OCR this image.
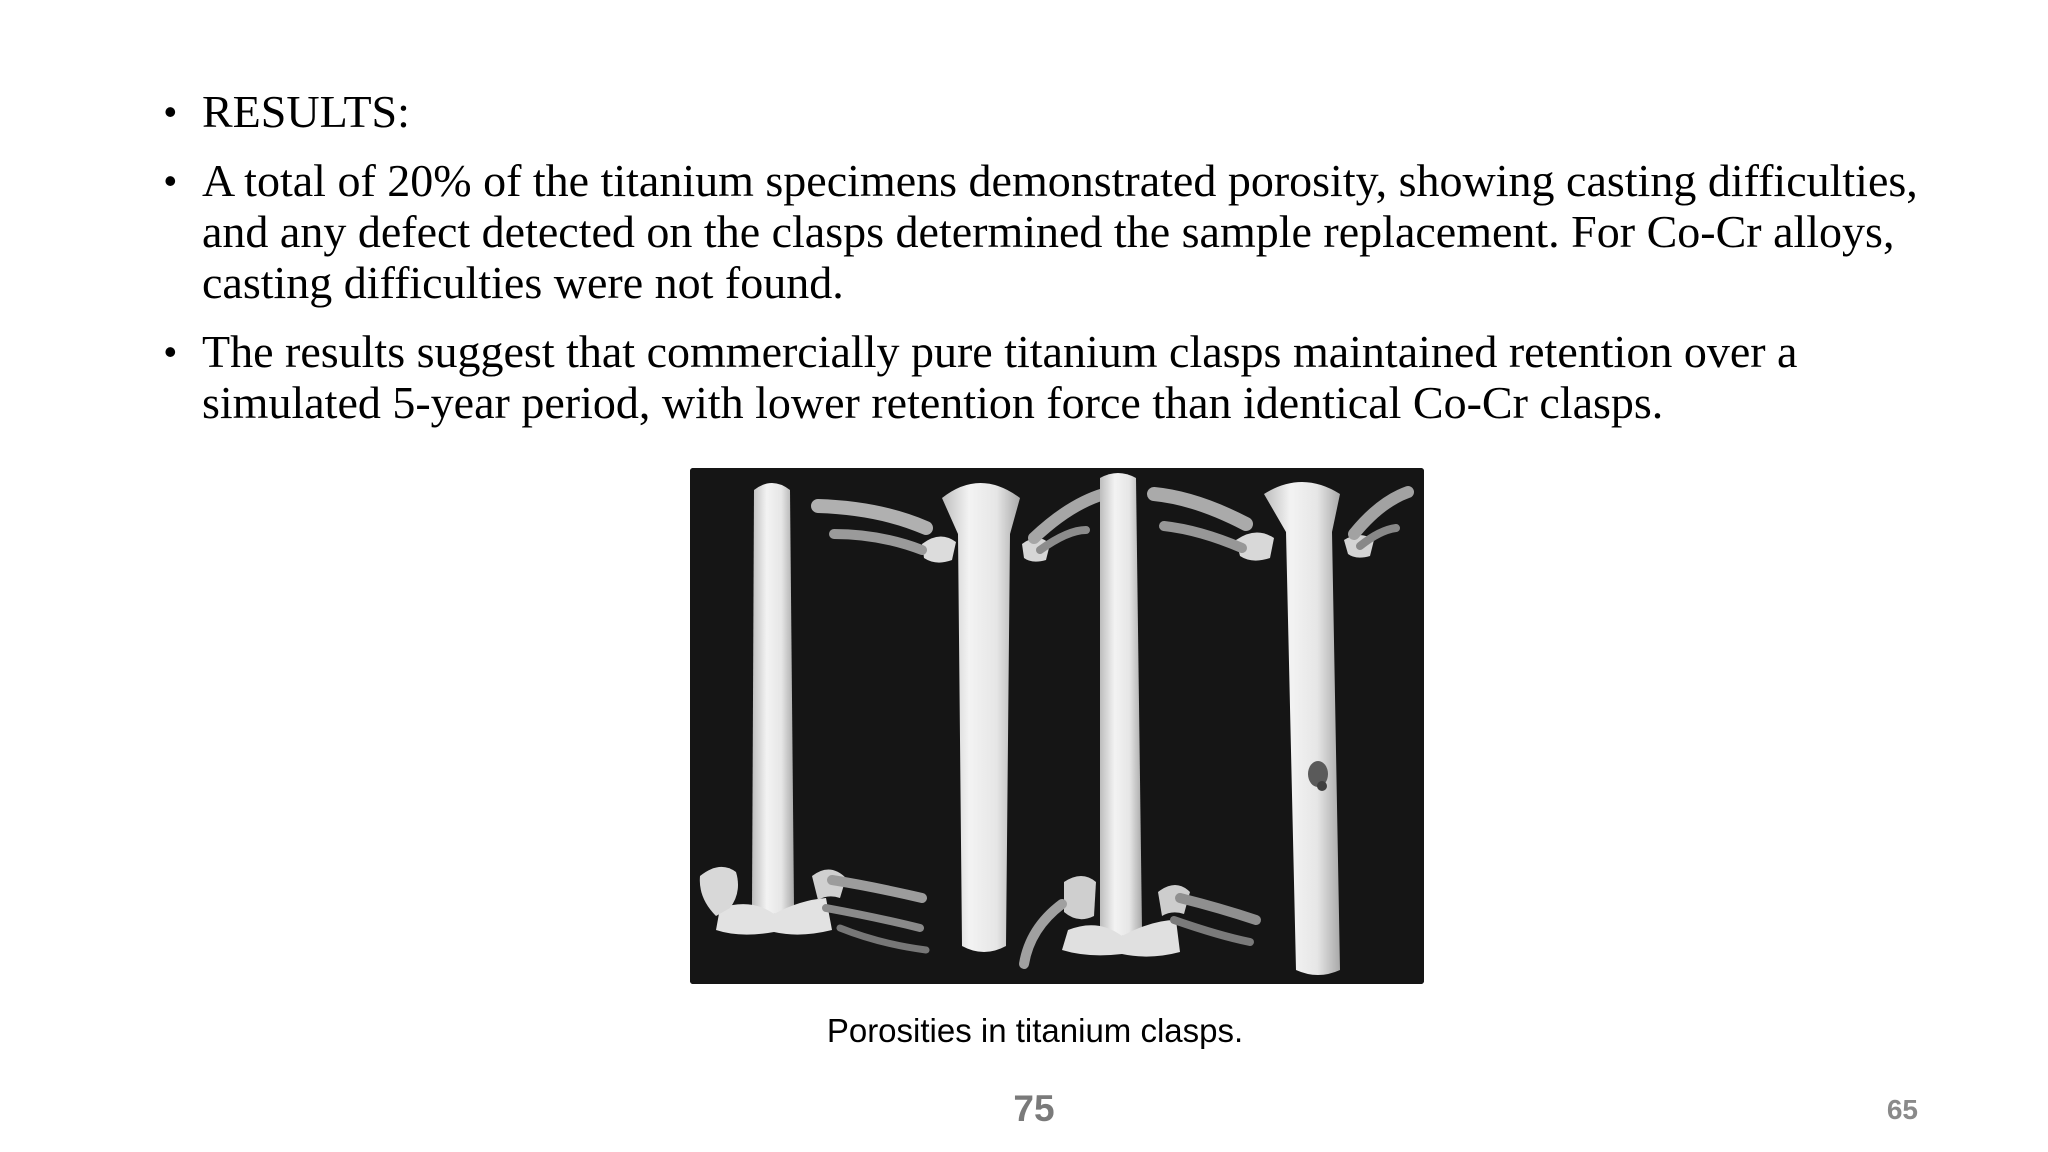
• RESULTS:
• A total of 20% of the titanium specimens demonstrated porosity, showing casting difficulties, and any defect detected on the clasps determined the sample replacement. For Co-Cr alloys, casting difficulties were not found.
• The results suggest that commercially pure titanium clasps maintained retention over a simulated 5-year period, with lower retention force than identical Co-Cr clasps.
Porosities in titanium clasps.
75	65
